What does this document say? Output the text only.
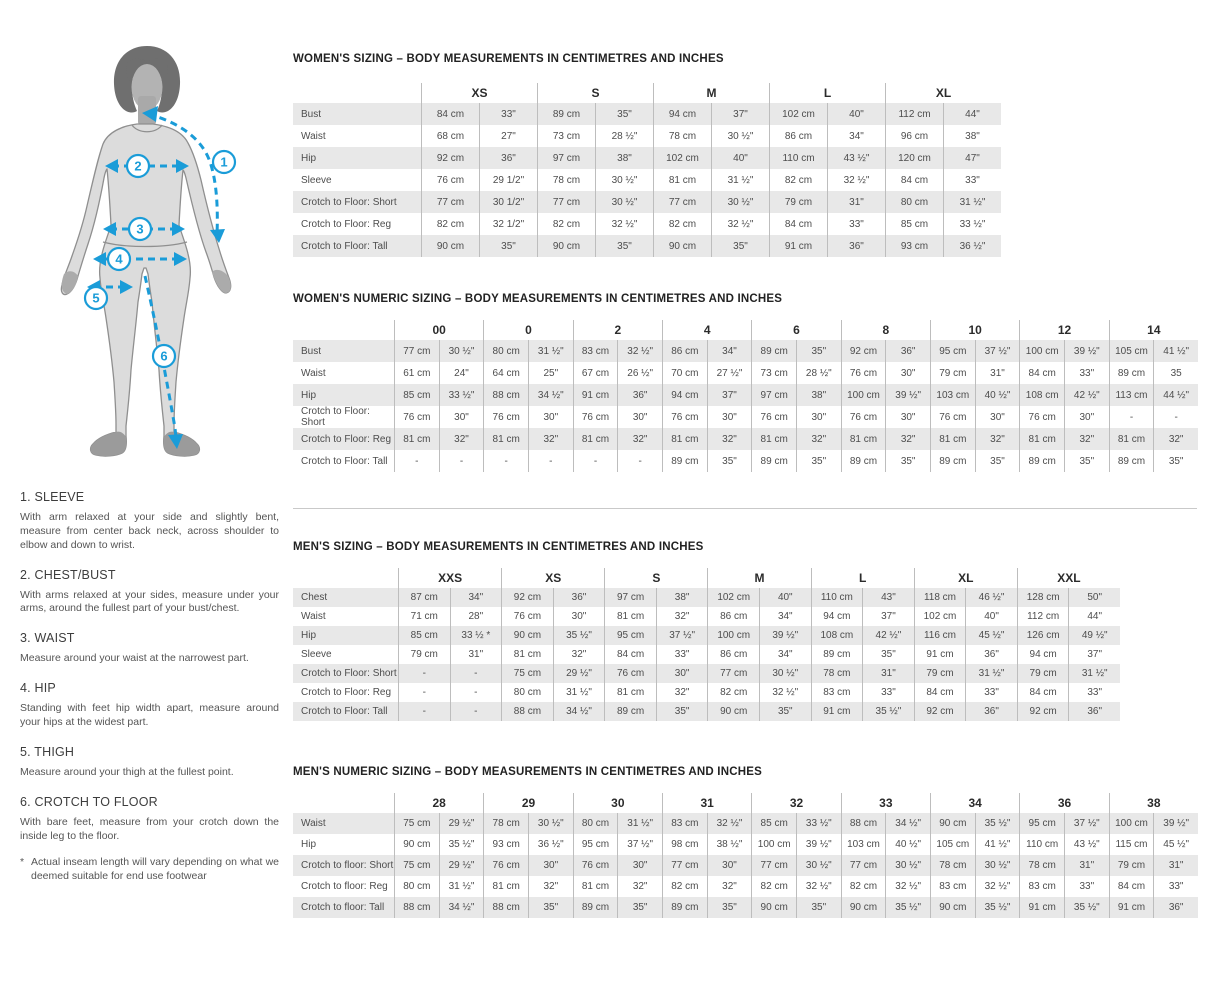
1
2
3
4
5
6
1. SLEEVE

With arm relaxed at your side and slightly bent, measure from center back neck, across shoulder to elbow and down to wrist.

2. CHEST/BUST

With arms relaxed at your sides, measure under your arms, around the fullest part of your bust/chest.

3. WAIST

Measure around your waist at the narrowest part.

4. HIP

Standing with feet hip width apart, measure around your hips at the widest part.

5. THIGH

Measure around your thigh at the fullest point.

6. CROTCH TO FLOOR

With bare feet, measure from your crotch down the inside leg to the floor.

* Actual inseam length will vary depending on what we deemed suitable for end use footwear
WOMEN'S SIZING – BODY MEASUREMENTS IN CENTIMETRES AND INCHES
XS	S	M	L	XL
Bust	84 cm	33"	89 cm	35"	94 cm	37"	102 cm	40"	112 cm	44"
Waist	68 cm	27"	73 cm	28 ½"	78 cm	30 ½"	86 cm	34"	96 cm	38"
Hip	92 cm	36"	97 cm	38"	102 cm	40"	110 cm	43 ½"	120 cm	47"
Sleeve	76 cm	29 1/2"	78 cm	30 ½"	81 cm	31 ½"	82 cm	32 ½"	84 cm	33"
Crotch to Floor: Short	77 cm	30 1/2"	77 cm	30 ½"	77 cm	30 ½"	79 cm	31"	80 cm	31 ½"
Crotch to Floor: Reg	82 cm	32 1/2"	82 cm	32 ½"	82 cm	32 ½"	84 cm	33"	85 cm	33 ½"
Crotch to Floor: Tall	90 cm	35"	90 cm	35"	90 cm	35"	91 cm	36"	93 cm	36 ½"
WOMEN'S NUMERIC SIZING – BODY MEASUREMENTS IN CENTIMETRES AND INCHES
00	0	2	4	6	8	10	12	14
Bust	77 cm	30 ½"	80 cm	31 ½"	83 cm	32 ½"	86 cm	34"	89 cm	35"	92 cm	36"	95 cm	37 ½"	100 cm	39 ½"	105 cm	41 ½"
Waist	61 cm	24"	64 cm	25"	67 cm	26 ½"	70 cm	27 ½"	73 cm	28 ½"	76 cm	30"	79 cm	31"	84 cm	33"	89 cm	35
Hip	85 cm	33 ½"	88 cm	34 ½"	91 cm	36"	94 cm	37"	97 cm	38"	100 cm	39 ½"	103 cm	40 ½"	108 cm	42 ½"	113 cm	44 ½"
Crotch to Floor: Short	76 cm	30"	76 cm	30"	76 cm	30"	76 cm	30"	76 cm	30"	76 cm	30"	76 cm	30"	76 cm	30"	-	-
Crotch to Floor: Reg	81 cm	32"	81 cm	32"	81 cm	32"	81 cm	32"	81 cm	32"	81 cm	32"	81 cm	32"	81 cm	32"	81 cm	32"
Crotch to Floor: Tall	-	-	-	-	-	-	89 cm	35"	89 cm	35"	89 cm	35"	89 cm	35"	89 cm	35"	89 cm	35"
MEN'S SIZING – BODY MEASUREMENTS IN CENTIMETRES AND INCHES
XXS	XS	S	M	L	XL	XXL
Chest	87 cm	34"	92 cm	36"	97 cm	38"	102 cm	40"	110 cm	43"	118 cm	46 ½"	128 cm	50"
Waist	71 cm	28"	76 cm	30"	81 cm	32"	86 cm	34"	94 cm	37"	102 cm	40"	112 cm	44"
Hip	85 cm	33 ½ *	90 cm	35 ½"	95 cm	37 ½"	100 cm	39 ½"	108 cm	42 ½"	116 cm	45 ½"	126 cm	49 ½"
Sleeve	79 cm	31"	81 cm	32"	84 cm	33"	86 cm	34"	89 cm	35"	91 cm	36"	94 cm	37"
Crotch to Floor: Short	-	-	75 cm	29 ½"	76 cm	30"	77 cm	30 ½"	78 cm	31"	79 cm	31 ½"	79 cm	31 ½"
Crotch to Floor: Reg	-	-	80 cm	31 ½"	81 cm	32"	82 cm	32 ½"	83 cm	33"	84 cm	33"	84 cm	33"
Crotch to Floor: Tall	-	-	88 cm	34 ½"	89 cm	35"	90 cm	35"	91 cm	35 ½"	92 cm	36"	92 cm	36"
MEN'S NUMERIC SIZING – BODY MEASUREMENTS IN CENTIMETRES AND INCHES
28	29	30	31	32	33	34	36	38
Waist	75 cm	29 ½"	78 cm	30 ½"	80 cm	31 ½"	83 cm	32 ½"	85 cm	33 ½"	88 cm	34 ½"	90 cm	35 ½"	95 cm	37 ½"	100 cm	39 ½"
Hip	90 cm	35 ½"	93 cm	36 ½"	95 cm	37 ½"	98 cm	38 ½"	100 cm	39 ½"	103 cm	40 ½"	105 cm	41 ½"	110 cm	43 ½"	115 cm	45 ½"
Crotch to floor: Short 75 cm	29 ½"	76 cm	30"	76 cm	30"	77 cm	30"	77 cm	30 ½"	77 cm	30 ½"	78 cm	30 ½"	78 cm	31"	79 cm	31"
Crotch to floor: Reg	80 cm	31 ½"	81 cm	32"	81 cm	32"	82 cm	32"	82 cm	32 ½"	82 cm	32 ½"	83 cm	32 ½"	83 cm	33"	84 cm	33"
Crotch to floor: Tall	88 cm	34 ½"	88 cm	35"	89 cm	35"	89 cm	35"	90 cm	35"	90 cm	35 ½"	90 cm	35 ½"	91 cm	35 ½"	91 cm	36"
